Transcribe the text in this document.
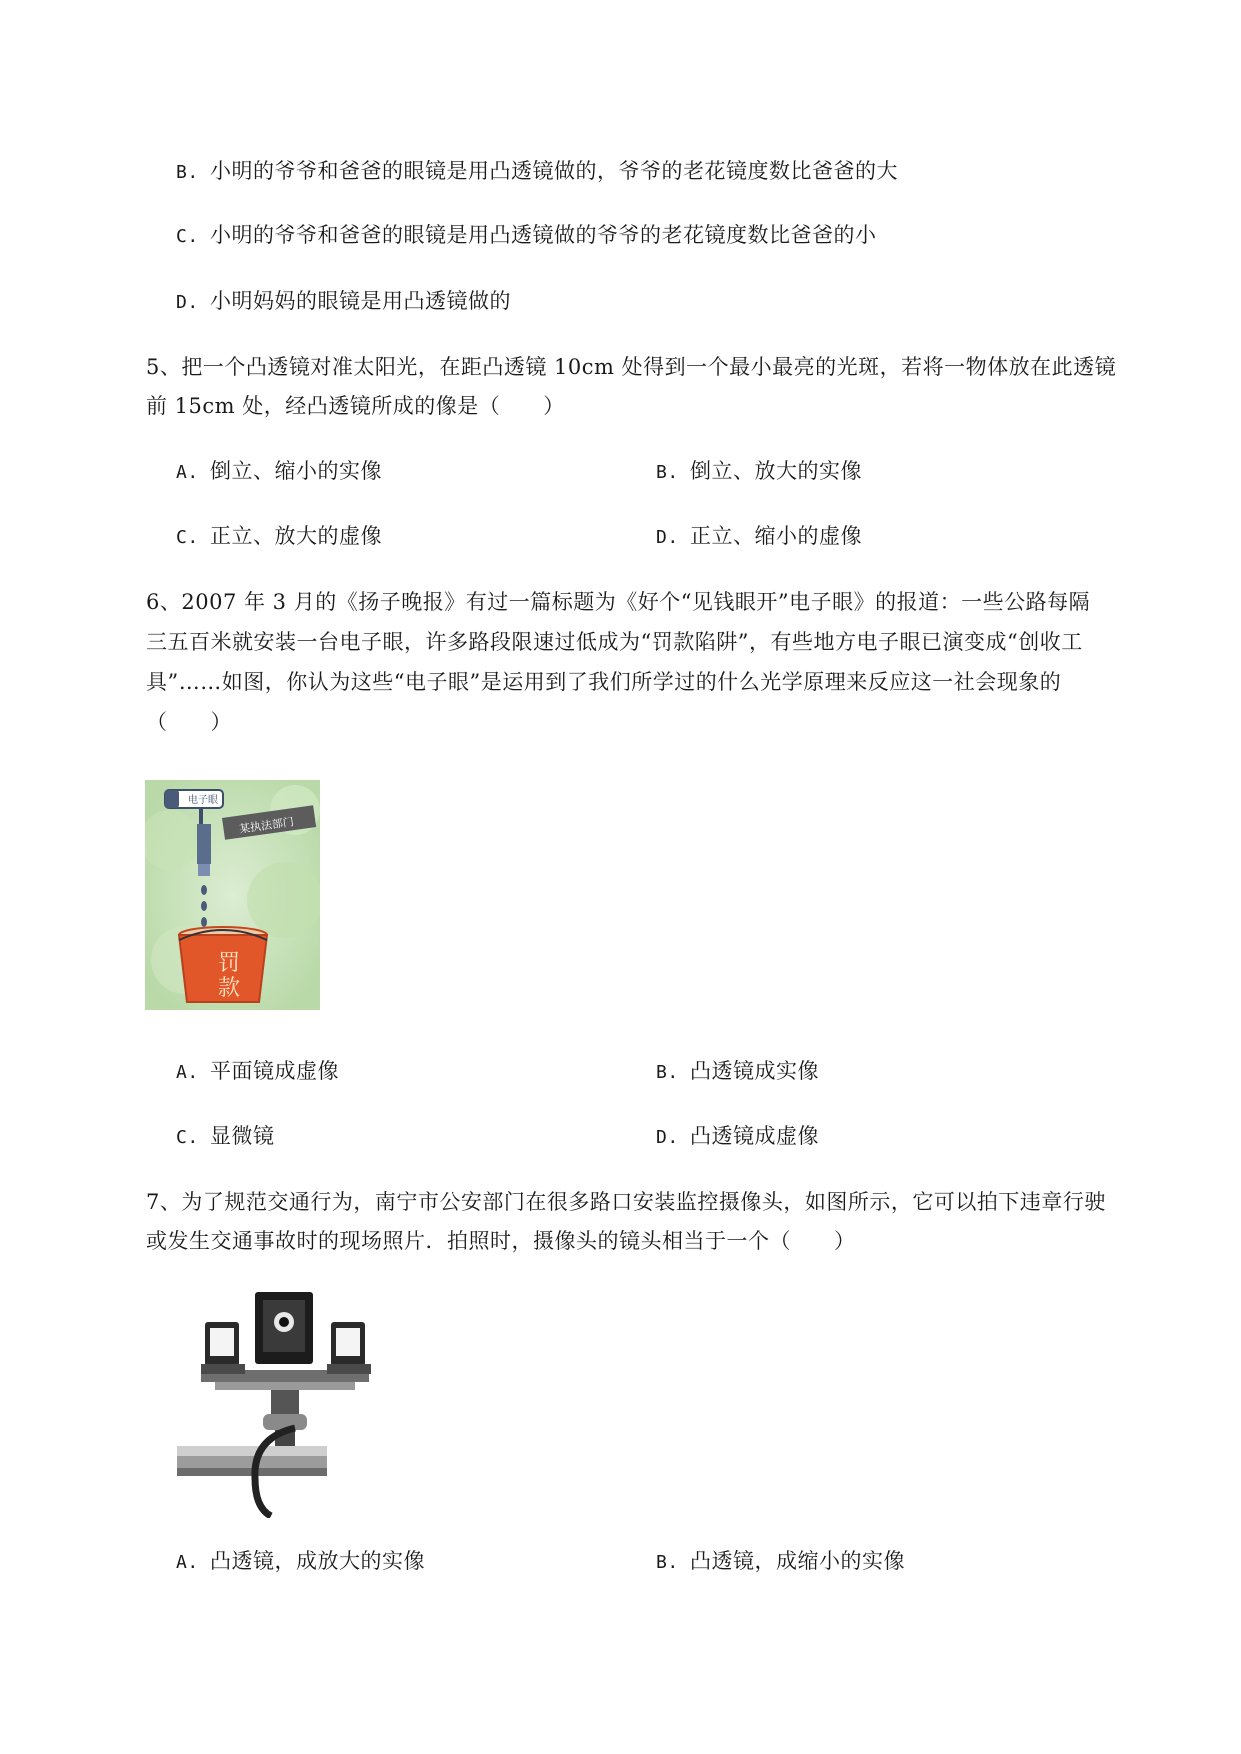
B. 小明的爷爷和爸爸的眼镜是用凸透镜做的，爷爷的老花镜度数比爸爸的大
C. 小明的爷爷和爸爸的眼镜是用凸透镜做的爷爷的老花镜度数比爸爸的小
D. 小明妈妈的眼镜是用凸透镜做的
5、把一个凸透镜对准太阳光，在距凸透镜 10cm 处得到一个最小最亮的光斑，若将一物体放在此透镜
前 15cm 处，经凸透镜所成的像是（　　）
A. 倒立、缩小的实像	B. 倒立、放大的实像
C. 正立、放大的虚像	D. 正立、缩小的虚像
6、2007 年 3 月的《扬子晚报》有过一篇标题为《好个“见钱眼开”电子眼》的报道：一些公路每隔
三五百米就安装一台电子眼，许多路段限速过低成为“罚款陷阱”，有些地方电子眼已演变成“创收工
具”……如图，你认为这些“电子眼”是运用到了我们所学过的什么光学原理来反应这一社会现象的
（　　）
电子眼
某执法部门
罚
款
A. 平面镜成虚像	B. 凸透镜成实像
C. 显微镜	D. 凸透镜成虚像
7、为了规范交通行为，南宁市公安部门在很多路口安装监控摄像头，如图所示，它可以拍下违章行驶
或发生交通事故时的现场照片．拍照时，摄像头的镜头相当于一个（　　）
A. 凸透镜，成放大的实像	B. 凸透镜，成缩小的实像
